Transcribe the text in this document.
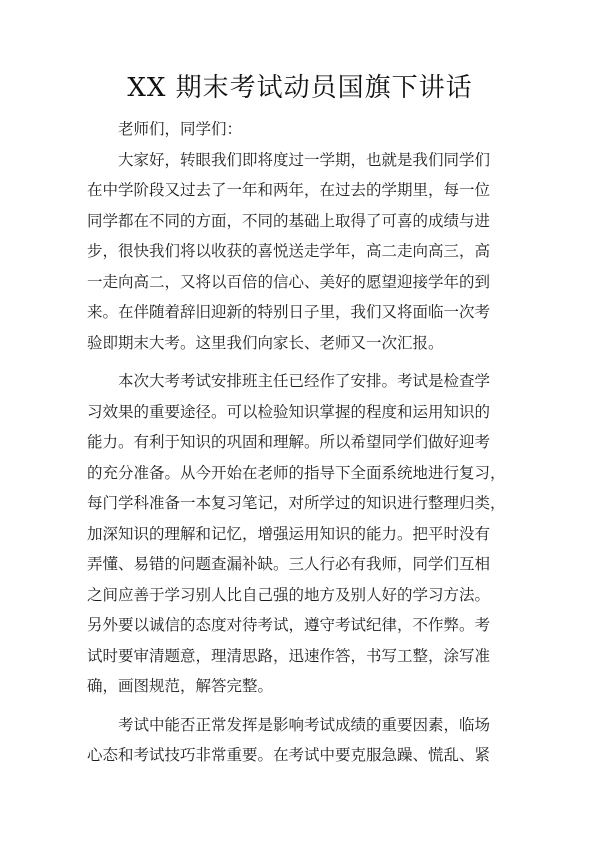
XX 期末考试动员国旗下讲话
老师们，同学们：
大家好，转眼我们即将度过一学期，也就是我们同学们
在中学阶段又过去了一年和两年，在过去的学期里，每一位
同学都在不同的方面，不同的基础上取得了可喜的成绩与进
步，很快我们将以收获的喜悦送走学年，高二走向高三，高
一走向高二，又将以百倍的信心、美好的愿望迎接学年的到
来。在伴随着辞旧迎新的特别日子里，我们又将面临一次考
验即期末大考。这里我们向家长、老师又一次汇报。
本次大考考试安排班主任已经作了安排。考试是检查学
习效果的重要途径。可以检验知识掌握的程度和运用知识的
能力。有利于知识的巩固和理解。所以希望同学们做好迎考
的充分准备。从今开始在老师的指导下全面系统地进行复习，
每门学科准备一本复习笔记，对所学过的知识进行整理归类，
加深知识的理解和记忆，增强运用知识的能力。把平时没有
弄懂、易错的问题查漏补缺。三人行必有我师，同学们互相
之间应善于学习别人比自己强的地方及别人好的学习方法。
另外要以诚信的态度对待考试，遵守考试纪律，不作弊。考
试时要审清题意，理清思路，迅速作答，书写工整，涂写准
确，画图规范，解答完整。
考试中能否正常发挥是影响考试成绩的重要因素，临场
心态和考试技巧非常重要。在考试中要克服急躁、慌乱、紧
